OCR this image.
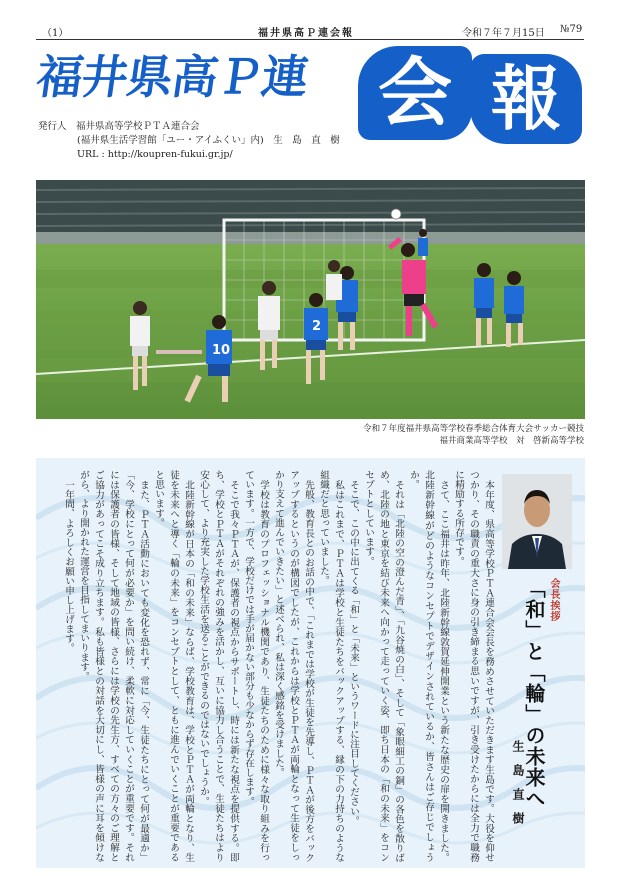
（1）	福井県高Ｐ連会報	令和７年７月15日 №79
福井県高Ｐ連 会 報
発行人　 福井県高等学校ＰＴＡ連合会
(福井県生活学習館「ユー・アイふくい」内)　 生　島　直　樹
URL : http://koupren-fukui.gr.jp/
10
2
令和７年度福井県高等学校春季総合体育大会サッカー競技
福井商業高等学校　対　啓新高等学校
会長挨拶
「和」と「輪」の未来へ
生島直樹

本年度、県高等学校ＰＴＡ連合会会長を務めさせていただきます生島です。大役を仰せつかり、その職責の重大さに身の引き締まる思いですが、引き受けたからには全力で職務に精励する所存です。

さて、ここ福井は昨年、北陸新幹線敦賀延伸開業という新たな歴史の扉を開きました。北陸新幹線がどのようなコンセプトでデザインされているか、皆さんはご存じでしょうか。

それは「北陸の空の澄んだ青」、「九谷焼の白」、そして「象眼細工の銅」の各色を散りばめ、北陸の地と東京を結び未来へ向かって走っていく姿、即ち日本の「和の未来」をコンセプトとしています。

そこで、この中に出てくる「和」と「未来」というワードに注目してください。

私はこれまで、ＰＴＡは学校と生徒たちをバックアップする、縁の下の力持ちのような組織だと思っていました。

先般、教育長とのお話の中で、「これまでは学校が生徒を先導し、ＰＴＡが後方をバックアップするというのが構図でしたが、これからは学校とＰＴＡが両輪となって生徒をしっかり支えて進んでいきたい」と述べられ、私は深く感銘を受けました。

学校は教育のプロフェッショナル機関であり、生徒たちのために様々な取り組みを行っています。一方で、学校だけでは手が届かない部分も少なからず存在します。

そこで我々ＰＴＡが、保護者の視点からサポートし、時には新たな視点を提供する。即ち、学校とＰＴＡがそれぞれの強みを活かし、互いに協力し合うことで、生徒たちはより安心して、より充実した学校生活を送ることができるのではないでしょうか。

北陸新幹線が日本の「和の未来」ならば、学校教育は、学校とＰＴＡが両輪となり、生徒を未来へと導く「輪の未来」をコンセプトとして、ともに進んでいくことが重要であると思います。

また、ＰＴＡ活動においても変化を恐れず、常に「今、生徒たちにとって何が最適か」「今、学校にとって何が必要か」を問い続け、柔軟に対応していくことが重要です。それには保護者の皆様、そして地域の皆様、さらには学校の先生方、すべての方々のご理解とご協力があってこそ成り立ちます。私も皆様との対話を大切にし、皆様の声に耳を傾けながら、より開かれた運営を目指してまいります。

一年間、よろしくお願い申し上げます。
